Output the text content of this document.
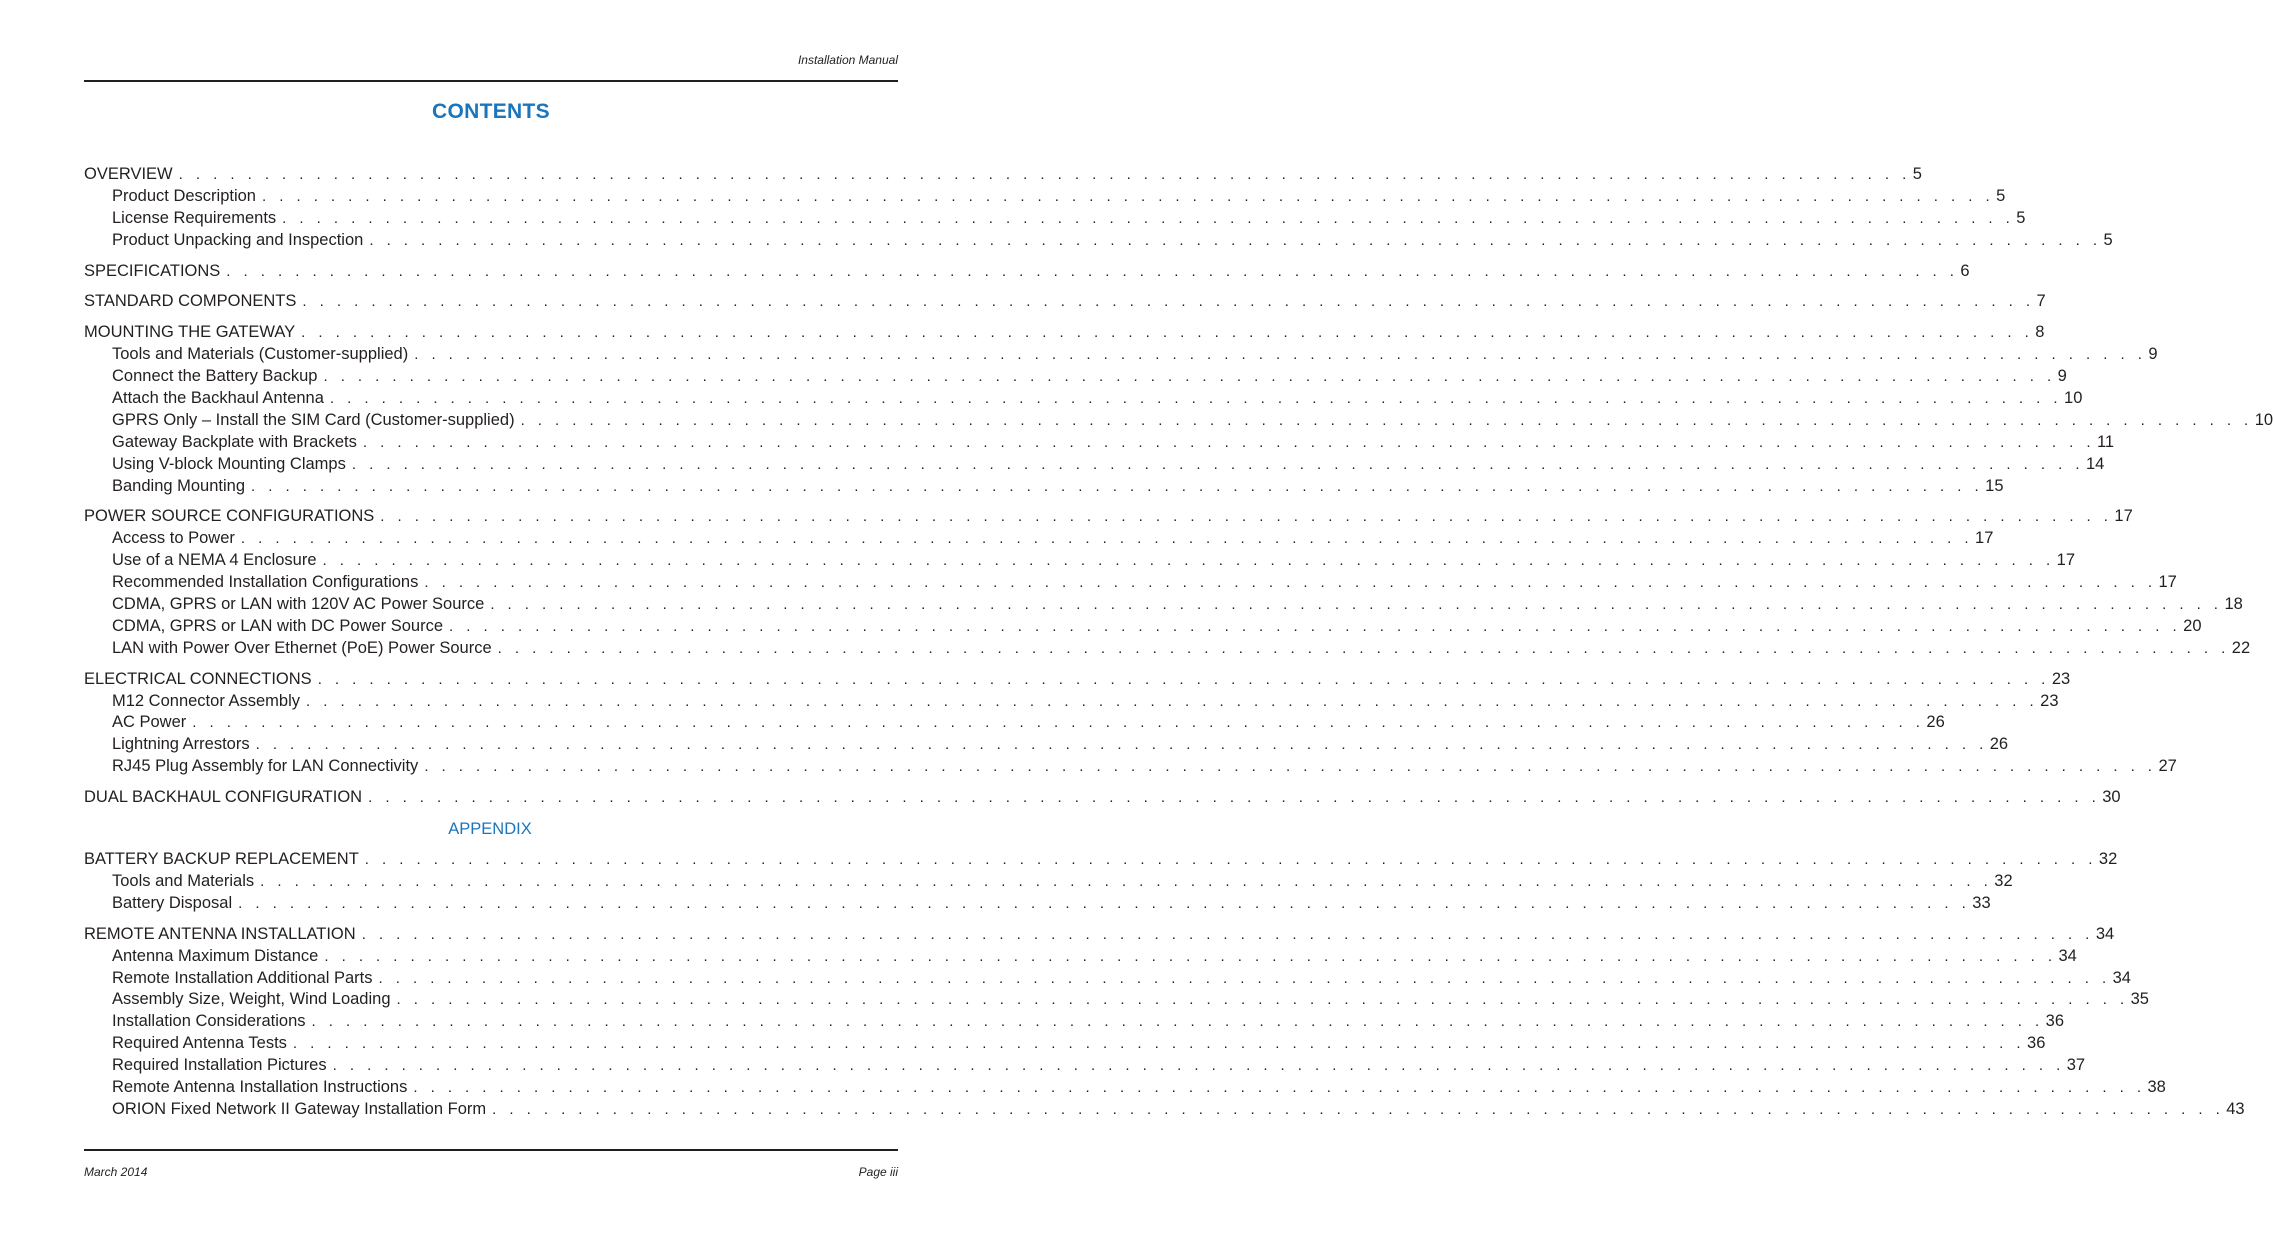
Installation Manual
CONTENTS
OVERVIEW . . . . . . . . . . . . . . . . . . . . . . . . . . . . . . . . . . . . . . . . . . . . . . . . . . . . . . . . . . . . . . . . . . . . . . . . . . . . . . . . . . . . . . . . . . . . . . . . . . . . . 5
Product Description . . . . . . . . . . . . . . . . . . . . . . . . . . . . . . . . . . . . . . . . . . . . . . . . . . . . . . . . . . . . . . . . . . . . . . . . . . . . . . . . . . . . . . . . . . . . . . . . . . . . . 5
License Requirements . . . . . . . . . . . . . . . . . . . . . . . . . . . . . . . . . . . . . . . . . . . . . . . . . . . . . . . . . . . . . . . . . . . . . . . . . . . . . . . . . . . . . . . . . . . . . . . . . . . . . 5
Product Unpacking and Inspection . . . . . . . . . . . . . . . . . . . . . . . . . . . . . . . . . . . . . . . . . . . . . . . . . . . . . . . . . . . . . . . . . . . . . . . . . . . . . . . . . . . . . . . . . . . . . . . . . . . . . 5
SPECIFICATIONS . . . . . . . . . . . . . . . . . . . . . . . . . . . . . . . . . . . . . . . . . . . . . . . . . . . . . . . . . . . . . . . . . . . . . . . . . . . . . . . . . . . . . . . . . . . . . . . . . . . . . 6
STANDARD COMPONENTS . . . . . . . . . . . . . . . . . . . . . . . . . . . . . . . . . . . . . . . . . . . . . . . . . . . . . . . . . . . . . . . . . . . . . . . . . . . . . . . . . . . . . . . . . . . . . . . . . . . . . 7
MOUNTING THE GATEWAY . . . . . . . . . . . . . . . . . . . . . . . . . . . . . . . . . . . . . . . . . . . . . . . . . . . . . . . . . . . . . . . . . . . . . . . . . . . . . . . . . . . . . . . . . . . . . . . . . . . . . 8
Tools and Materials (Customer-supplied) . . . . . . . . . . . . . . . . . . . . . . . . . . . . . . . . . . . . . . . . . . . . . . . . . . . . . . . . . . . . . . . . . . . . . . . . . . . . . . . . . . . . . . . . . . . . . . . . . . . . . 9
Connect the Battery Backup . . . . . . . . . . . . . . . . . . . . . . . . . . . . . . . . . . . . . . . . . . . . . . . . . . . . . . . . . . . . . . . . . . . . . . . . . . . . . . . . . . . . . . . . . . . . . . . . . . . . . 9
Attach the Backhaul Antenna . . . . . . . . . . . . . . . . . . . . . . . . . . . . . . . . . . . . . . . . . . . . . . . . . . . . . . . . . . . . . . . . . . . . . . . . . . . . . . . . . . . . . . . . . . . . . . . . . . . . . 10
GPRS Only – Install the SIM Card (Customer-supplied) . . . . . . . . . . . . . . . . . . . . . . . . . . . . . . . . . . . . . . . . . . . . . . . . . . . . . . . . . . . . . . . . . . . . . . . . . . . . . . . . . . . . . . . . . . . . . . . . . . . . . 10
Gateway Backplate with Brackets . . . . . . . . . . . . . . . . . . . . . . . . . . . . . . . . . . . . . . . . . . . . . . . . . . . . . . . . . . . . . . . . . . . . . . . . . . . . . . . . . . . . . . . . . . . . . . . . . . . . . 11
Using V-block Mounting Clamps . . . . . . . . . . . . . . . . . . . . . . . . . . . . . . . . . . . . . . . . . . . . . . . . . . . . . . . . . . . . . . . . . . . . . . . . . . . . . . . . . . . . . . . . . . . . . . . . . . . . . 14
Banding Mounting . . . . . . . . . . . . . . . . . . . . . . . . . . . . . . . . . . . . . . . . . . . . . . . . . . . . . . . . . . . . . . . . . . . . . . . . . . . . . . . . . . . . . . . . . . . . . . . . . . . . . 15
POWER SOURCE CONFIGURATIONS . . . . . . . . . . . . . . . . . . . . . . . . . . . . . . . . . . . . . . . . . . . . . . . . . . . . . . . . . . . . . . . . . . . . . . . . . . . . . . . . . . . . . . . . . . . . . . . . . . . . . 17
Access to Power . . . . . . . . . . . . . . . . . . . . . . . . . . . . . . . . . . . . . . . . . . . . . . . . . . . . . . . . . . . . . . . . . . . . . . . . . . . . . . . . . . . . . . . . . . . . . . . . . . . . . 17
Use of a NEMA 4 Enclosure . . . . . . . . . . . . . . . . . . . . . . . . . . . . . . . . . . . . . . . . . . . . . . . . . . . . . . . . . . . . . . . . . . . . . . . . . . . . . . . . . . . . . . . . . . . . . . . . . . . . . 17
Recommended Installation Configurations . . . . . . . . . . . . . . . . . . . . . . . . . . . . . . . . . . . . . . . . . . . . . . . . . . . . . . . . . . . . . . . . . . . . . . . . . . . . . . . . . . . . . . . . . . . . . . . . . . . . . 17
CDMA, GPRS or LAN with 120V AC Power Source . . . . . . . . . . . . . . . . . . . . . . . . . . . . . . . . . . . . . . . . . . . . . . . . . . . . . . . . . . . . . . . . . . . . . . . . . . . . . . . . . . . . . . . . . . . . . . . . . . . . . 18
CDMA, GPRS or LAN with DC Power Source . . . . . . . . . . . . . . . . . . . . . . . . . . . . . . . . . . . . . . . . . . . . . . . . . . . . . . . . . . . . . . . . . . . . . . . . . . . . . . . . . . . . . . . . . . . . . . . . . . . . . 20
LAN with Power Over Ethernet (PoE) Power Source . . . . . . . . . . . . . . . . . . . . . . . . . . . . . . . . . . . . . . . . . . . . . . . . . . . . . . . . . . . . . . . . . . . . . . . . . . . . . . . . . . . . . . . . . . . . . . . . . . . . . 22
ELECTRICAL CONNECTIONS . . . . . . . . . . . . . . . . . . . . . . . . . . . . . . . . . . . . . . . . . . . . . . . . . . . . . . . . . . . . . . . . . . . . . . . . . . . . . . . . . . . . . . . . . . . . . . . . . . . . . 23
M12 Connector Assembly . . . . . . . . . . . . . . . . . . . . . . . . . . . . . . . . . . . . . . . . . . . . . . . . . . . . . . . . . . . . . . . . . . . . . . . . . . . . . . . . . . . . . . . . . . . . . . . . . . . . . 23
AC Power . . . . . . . . . . . . . . . . . . . . . . . . . . . . . . . . . . . . . . . . . . . . . . . . . . . . . . . . . . . . . . . . . . . . . . . . . . . . . . . . . . . . . . . . . . . . . . . . . . . . . 26
Lightning Arrestors . . . . . . . . . . . . . . . . . . . . . . . . . . . . . . . . . . . . . . . . . . . . . . . . . . . . . . . . . . . . . . . . . . . . . . . . . . . . . . . . . . . . . . . . . . . . . . . . . . . . . 26
RJ45 Plug Assembly for LAN Connectivity . . . . . . . . . . . . . . . . . . . . . . . . . . . . . . . . . . . . . . . . . . . . . . . . . . . . . . . . . . . . . . . . . . . . . . . . . . . . . . . . . . . . . . . . . . . . . . . . . . . . . 27
DUAL BACKHAUL CONFIGURATION . . . . . . . . . . . . . . . . . . . . . . . . . . . . . . . . . . . . . . . . . . . . . . . . . . . . . . . . . . . . . . . . . . . . . . . . . . . . . . . . . . . . . . . . . . . . . . . . . . . . . 30
APPENDIX
BATTERY BACKUP REPLACEMENT . . . . . . . . . . . . . . . . . . . . . . . . . . . . . . . . . . . . . . . . . . . . . . . . . . . . . . . . . . . . . . . . . . . . . . . . . . . . . . . . . . . . . . . . . . . . . . . . . . . . . 32
Tools and Materials . . . . . . . . . . . . . . . . . . . . . . . . . . . . . . . . . . . . . . . . . . . . . . . . . . . . . . . . . . . . . . . . . . . . . . . . . . . . . . . . . . . . . . . . . . . . . . . . . . . . . 32
Battery Disposal . . . . . . . . . . . . . . . . . . . . . . . . . . . . . . . . . . . . . . . . . . . . . . . . . . . . . . . . . . . . . . . . . . . . . . . . . . . . . . . . . . . . . . . . . . . . . . . . . . . . . 33
REMOTE ANTENNA INSTALLATION . . . . . . . . . . . . . . . . . . . . . . . . . . . . . . . . . . . . . . . . . . . . . . . . . . . . . . . . . . . . . . . . . . . . . . . . . . . . . . . . . . . . . . . . . . . . . . . . . . . . . 34
Antenna Maximum Distance . . . . . . . . . . . . . . . . . . . . . . . . . . . . . . . . . . . . . . . . . . . . . . . . . . . . . . . . . . . . . . . . . . . . . . . . . . . . . . . . . . . . . . . . . . . . . . . . . . . . . 34
Remote Installation Additional Parts . . . . . . . . . . . . . . . . . . . . . . . . . . . . . . . . . . . . . . . . . . . . . . . . . . . . . . . . . . . . . . . . . . . . . . . . . . . . . . . . . . . . . . . . . . . . . . . . . . . . . 34
Assembly Size, Weight, Wind Loading . . . . . . . . . . . . . . . . . . . . . . . . . . . . . . . . . . . . . . . . . . . . . . . . . . . . . . . . . . . . . . . . . . . . . . . . . . . . . . . . . . . . . . . . . . . . . . . . . . . . . 35
Installation Considerations . . . . . . . . . . . . . . . . . . . . . . . . . . . . . . . . . . . . . . . . . . . . . . . . . . . . . . . . . . . . . . . . . . . . . . . . . . . . . . . . . . . . . . . . . . . . . . . . . . . . . 36
Required Antenna Tests . . . . . . . . . . . . . . . . . . . . . . . . . . . . . . . . . . . . . . . . . . . . . . . . . . . . . . . . . . . . . . . . . . . . . . . . . . . . . . . . . . . . . . . . . . . . . . . . . . . . . 36
Required Installation Pictures . . . . . . . . . . . . . . . . . . . . . . . . . . . . . . . . . . . . . . . . . . . . . . . . . . . . . . . . . . . . . . . . . . . . . . . . . . . . . . . . . . . . . . . . . . . . . . . . . . . . . 37
Remote Antenna Installation Instructions . . . . . . . . . . . . . . . . . . . . . . . . . . . . . . . . . . . . . . . . . . . . . . . . . . . . . . . . . . . . . . . . . . . . . . . . . . . . . . . . . . . . . . . . . . . . . . . . . . . . . 38
ORION Fixed Network II Gateway Installation Form . . . . . . . . . . . . . . . . . . . . . . . . . . . . . . . . . . . . . . . . . . . . . . . . . . . . . . . . . . . . . . . . . . . . . . . . . . . . . . . . . . . . . . . . . . . . . . . . . . . . . 43
March 2014	Page iii
